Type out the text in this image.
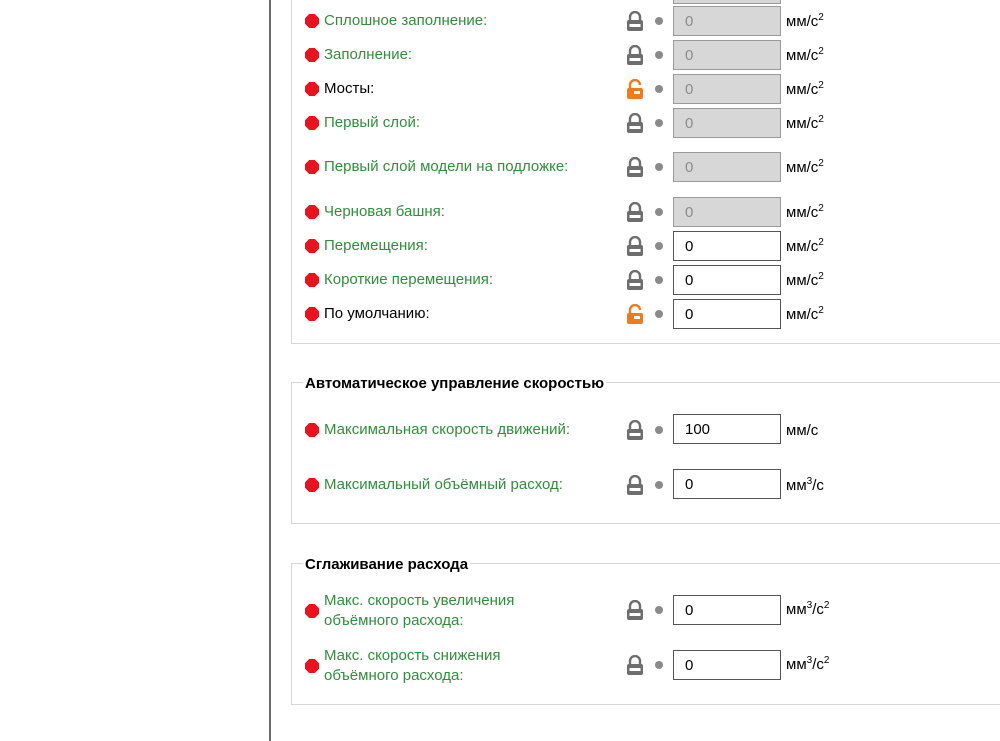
Сплошное заполнение:
0	$мм/с^2$
Заполнение:
0	$мм/с^2$
Мосты:
0	$мм/с^2$
Первый слой:
0	$мм/с^2$
Первый слой модели на подложке:
0	$мм/с^2$
Черновая башня:
0	$мм/с^2$
Перемещения:
0	$мм/с^2$
Короткие перемещения:
0	$мм/с^2$
По умолчанию:
0	$мм/с^2$
Автоматическое управление скоростью
Максимальная скорость движений:
100	мм/с
Максимальный объёмный расход:
0	$мм^3/с$
Сглаживание расхода
Макс. скорость увеличения
объёмного расхода:
0
$мм^3/с^2$
Макс. скорость снижения
объёмного расхода:
0
$мм^3/с^2$
